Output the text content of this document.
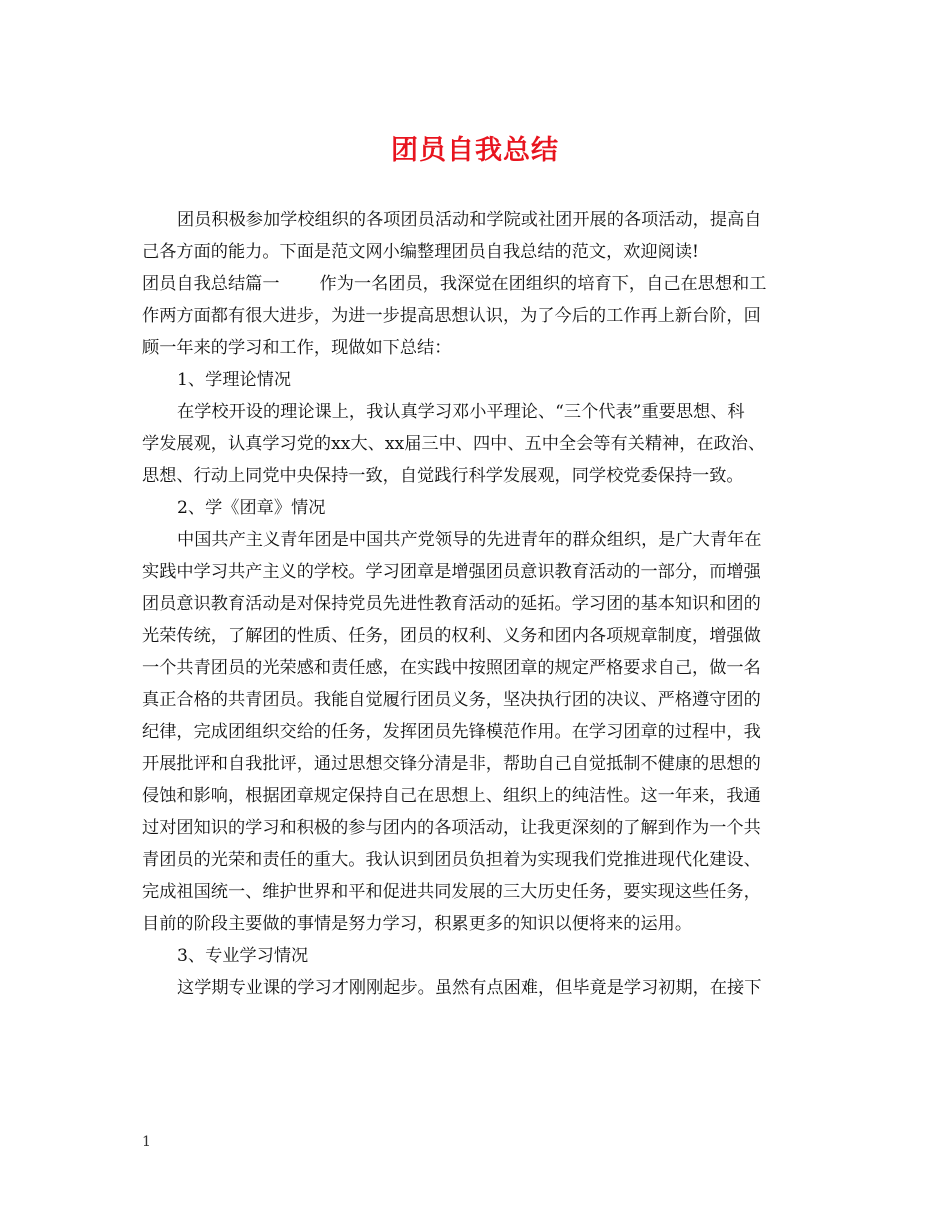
团员自我总结
团员积极参加学校组织的各项团员活动和学院或社团开展的各项活动，提高自
己各方面的能力。下面是范文网小编整理团员自我总结的范文，欢迎阅读!
团员自我总结篇一 作为一名团员，我深觉在团组织的培育下，自己在思想和工
作两方面都有很大进步，为进一步提高思想认识，为了今后的工作再上新台阶，回
顾一年来的学习和工作，现做如下总结：
1、学理论情况
在学校开设的理论课上，我认真学习邓小平理论、“三个代表”重要思想、科
学发展观，认真学习党的xx大、xx届三中、四中、五中全会等有关精神，在政治、
思想、行动上同党中央保持一致，自觉践行科学发展观，同学校党委保持一致。
2、学《团章》情况
中国共产主义青年团是中国共产党领导的先进青年的群众组织，是广大青年在
实践中学习共产主义的学校。学习团章是增强团员意识教育活动的一部分，而增强
团员意识教育活动是对保持党员先进性教育活动的延拓。学习团的基本知识和团的
光荣传统，了解团的性质、任务，团员的权利、义务和团内各项规章制度，增强做
一个共青团员的光荣感和责任感，在实践中按照团章的规定严格要求自己，做一名
真正合格的共青团员。我能自觉履行团员义务，坚决执行团的决议、严格遵守团的
纪律，完成团组织交给的任务，发挥团员先锋模范作用。在学习团章的过程中，我
开展批评和自我批评，通过思想交锋分清是非，帮助自己自觉抵制不健康的思想的
侵蚀和影响，根据团章规定保持自己在思想上、组织上的纯洁性。这一年来，我通
过对团知识的学习和积极的参与团内的各项活动，让我更深刻的了解到作为一个共
青团员的光荣和责任的重大。我认识到团员负担着为实现我们党推进现代化建设、
完成祖国统一、维护世界和平和促进共同发展的三大历史任务，要实现这些任务，
目前的阶段主要做的事情是努力学习，积累更多的知识以便将来的运用。
3、专业学习情况
这学期专业课的学习才刚刚起步。虽然有点困难，但毕竟是学习初期，在接下
1
